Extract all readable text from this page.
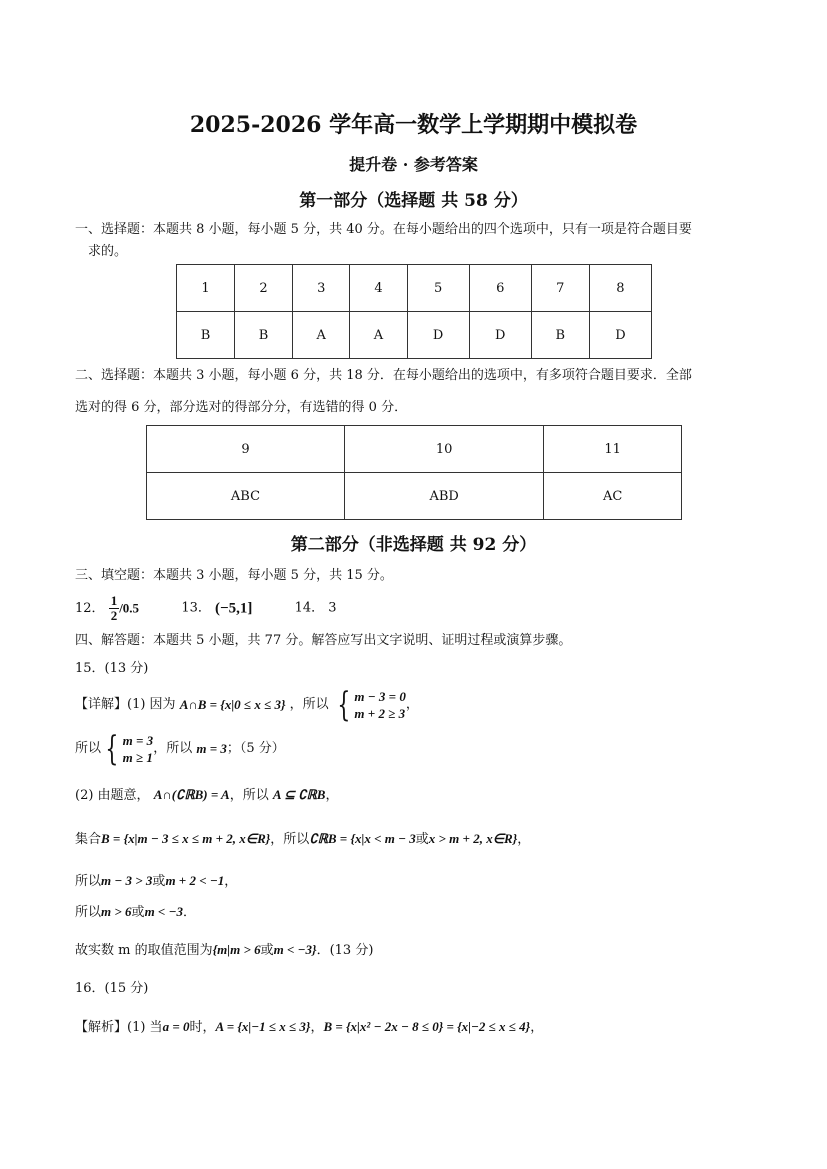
2025-2026 学年高一数学上学期期中模拟卷
提升卷 · 参考答案
第一部分（选择题 共 58 分）
一、选择题：本题共 8 小题，每小题 5 分，共 40 分。在每小题给出的四个选项中，只有一项是符合题目要
求的。
1	2	3	4	5	6	7	8
B	B	A	A	D	D	B	D
二、选择题：本题共 3 小题，每小题 6 分，共 18 分．在每小题给出的选项中，有多项符合题目要求．全部
选对的得 6 分，部分选对的得部分分，有选错的得 0 分．
9	10	11
ABC	ABD	AC
第二部分（非选择题 共 92 分）
三、填空题：本题共 3 小题，每小题 5 分，共 15 分。
12． $\frac{1}{2} /0.5$	13． (−5,1]	14． 3
四、解答题：本题共 5 小题，共 77 分。解答应写出文字说明、证明过程或演算步骤。
15．(13 分)
【详解】(1) 因为 A∩B = {x|0 ≤ x ≤ 3} ，所以 { m − 3 = 0
m + 2 ≥ 3
，
所以 { m = 3
m ≥ 1
，所以 m = 3；（5 分）
(2) 由题意， A∩(∁ℝB) = A，所以 A ⊆ ∁ℝB，
集合B = {x|m − 3 ≤ x ≤ m + 2, x∈R}，所以∁ℝB = {x|x < m − 3或x > m + 2, x∈R}，
所以m − 3 > 3或m + 2 < −1，
所以m > 6或m < −3．
故实数 m 的取值范围为{m|m > 6或m < −3}．(13 分)
16．(15 分)
【解析】(1) 当a = 0时，A = {x|−1 ≤ x ≤ 3}，B = {x|x² − 2x − 8 ≤ 0} = {x|−2 ≤ x ≤ 4}，
